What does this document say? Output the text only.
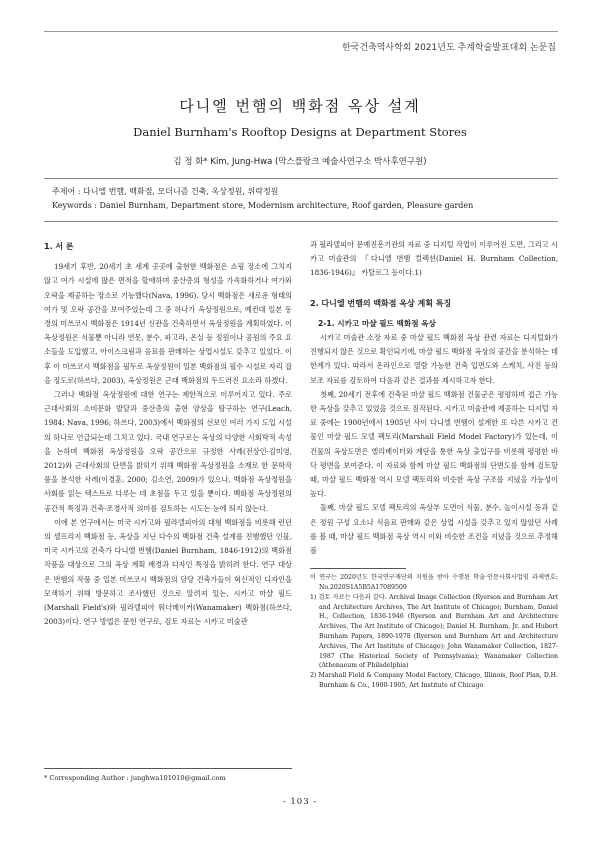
한국건축역사학회 2021년도 추계학술발표대회 논문집
다니엘 번햄의 백화점 옥상 설계
Daniel Burnham's Rooftop Designs at Department Stores
김 정 화* Kim, Jung-Hwa (막스플랑크 예술사연구소 박사후연구원)
주제어 : 다니엘 번햄, 백화점, 모더니즘 건축, 옥상정원, 위락정원
Keywords : Daniel Burnham, Department store, Modernism architecture, Roof garden, Pleasure garden
1. 서 론

19세기 후반, 20세기 초 세계 곳곳에 출현한 백화점은 쇼핑 장소에 그치지 않고 여가 시설에 많은 면적을 할애하며 중산층의 형성을 가속화하거나 여가와 오락을 제공하는 장소로 기능했다(Nava, 1996). 당시 백화점은 새로운 형태의 여가 및 오락 공간을 보여주었는데 그 중 하나가 옥상정원으로, 예컨대 일본 동경의 미쓰코시 백화점은 1914년 신관을 건축하면서 옥상정원을 계획하였다. 이 옥상정원은 식물뿐 아니라 연못, 분수, 파고라, 온실 등 정원이나 공원의 주요 요소들을 도입했고, 아이스크림과 음료를 판매하는 상업시설도 갖추고 있었다. 이후 이 미쓰코시 백화점을 필두로 옥상정원이 일본 백화점의 필수 시설로 자리 잡을 정도로(하쓰다, 2003), 옥상정원은 근대 백화점의 두드러진 요소라 하겠다.

그러나 백화점 옥상정원에 대한 연구는 제한적으로 이루어지고 있다. 주로 근대사회의 소비문화 발달과 중산층의 출현 양상을 탐구하는 연구(Leach, 1984; Nava, 1996; 하쓰다, 2003)에서 백화점의 선보인 여러 가지 도입 시설의 하나로 언급되는데 그치고 있다. 국내 연구로는 옥상의 다양한 사회학적 속성을 논하며 백화점 옥상정원을 오락 공간으로 규정한 사례(전상인·김미영, 2012)와 근대사회의 단면을 밝히기 위해 백화점 옥상정원을 소재로 한 문학작품을 분석한 사례(이경훈, 2000; 김소연, 2009)가 있으나, 백화점 옥상정원을 사회를 읽는 텍스트로 다루는 데 초점을 두고 있을 뿐이다. 백화점 옥상정원의 공간적 특징과 건축·조경사적 의미를 검토하는 시도는 눈에 띄지 않는다.

이에 본 연구에서는 미국 시카고와 필라델피아의 대형 백화점을 비롯해 런던의 셀프리지 백화점 등, 옥상을 지닌 다수의 백화점 건축 설계를 진행했던 인물, 미국 시카고의 건축가 다니엘 번햄(Daniel Burnham, 1846-1912)의 백화점 작품을 대상으로 그의 옥상 계획 배경과 디자인 특징을 밝히려 한다. 연구 대상은 번햄의 작품 중 일본 미쓰코시 백화점의 담당 건축가들이 혁신적인 디자인을 모색하기 위해 방문하고 조사했던 것으로 알려져 있는, 시카고 마샬 필드(Marshall Field's)와 필라델피아 워너메이커(Wanamaker) 백화점(하쓰다, 2003)이다. 연구 방법은 문헌 연구로, 검토 자료는 시카고 미술관

* Corresponding Author : junghwa101010@gmail.com

과 필라델피아 문예진흥기관의 자료 중 디지털 작업이 이루어진 도면, 그리고 시카고 미술관의 『다니엘 번햄 컬렉션(Daniel H. Burnham Collection, 1836-1946)』 카탈로그 등이다.1)

2. 다니엘 번햄의 백화점 옥상 계획 특징
2-1. 시카고 마샬 필드 백화점 옥상

시카고 미술관 소장 자료 중 마샬 필드 백화점 옥상 관련 자료는 디지털화가 진행되지 않은 것으로 확인되기에, 마샬 필드 백화점 옥상의 공간을 분석하는 데 한계가 있다. 따라서 온라인으로 열람 가능한 건축 입면도와 스케치, 사진 등의 보조 자료를 검토하여 다음과 같은 결과를 제시하고자 한다.

첫째, 20세기 전후에 건축된 마샬 필드 백화점 건물군은 평평하며 접근 가능한 옥상을 갖추고 있었을 것으로 짐작된다. 시카고 미술관에 제공하는 디지털 자료 중에는 1900년에서 1905년 사이 다니엘 번햄이 설계한 또 다른 시카고 건물인 마샬 필드 모델 팩토리(Marshall Field Model Factory)가 있는데, 이 건물의 옥상도면은 엘리베이터와 계단을 통한 옥상 출입구를 비롯해 평평한 바닥 평면을 보여준다. 이 자료와 함께 마샬 필드 백화점의 단면도를 함께 검토할 때, 마샬 필드 백화점 역시 모델 팩토리와 비슷한 옥상 구조를 지녔을 가능성이 높다.

둘째, 마샬 필드 모델 팩토리의 옥상부 도면이 식물, 분수, 놀이시설 등과 같은 정원 구성 요소나 식음료 판매와 같은 상업 시설을 갖추고 있지 않았던 사례를 볼 때, 마샬 필드 백화점 옥상 역시 이와 비슷한 조건을 지녔을 것으로 추정해볼

이 연구는 2020년도 한국연구재단의 지원을 받아 수행된 학술·인문사회사업임 과제번호: No.2020S1A5B5A17089509
1) 검토 자료는 다음과 같다. Archival Image Collection (Ryerson and Burnham Art and Architecture Archives, The Art Institute of Chicago); Burnham, Daniel H., Collection, 1836-1946 (Ryerson and Burnham Art and Architecture Archives, The Art Institute of Chicago); Daniel H. Burnham, Jr. and Hubert Burnham Papers, 1890-1978 (Ryerson and Burnham Art and Architecture Archives, The Art Institute of Chicago); John Wanamaker Collection, 1827-1987 (The Historical Society of Pennsylvania); Wanamaker Collection (Athenaeum of Philadelphia)
2) Marshall Field & Company Model Factory, Chicago, Illinois, Roof Plan, D.H. Burnham & Co., 1900-1905, Art Institute of Chicago
- 103 -
